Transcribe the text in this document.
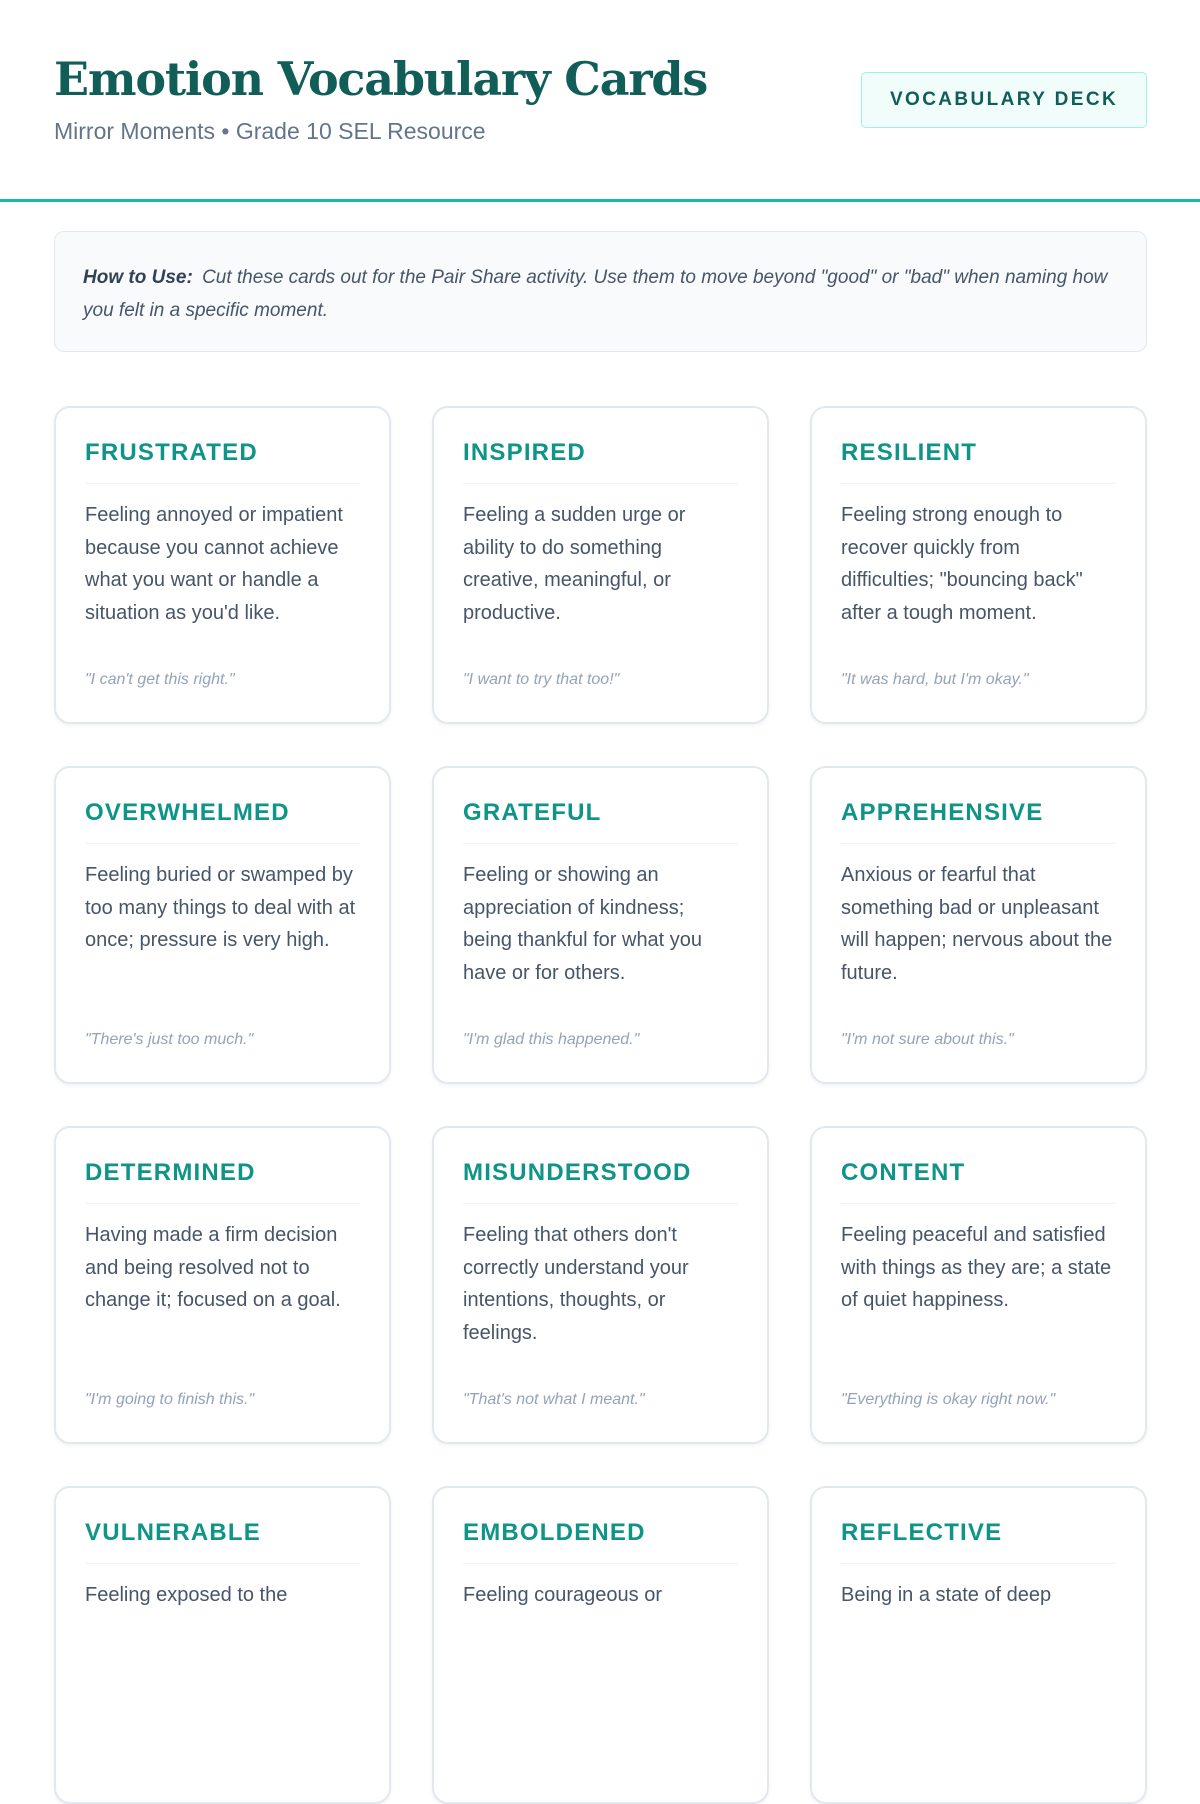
Emotion Vocabulary Cards
Mirror Moments • Grade 10 SEL Resource
VOCABULARY DECK
How to Use: Cut these cards out for the Pair Share activity. Use them to move beyond "good" or "bad" when naming how you felt in a specific moment.
FRUSTRATED
Feeling annoyed or impatient because you cannot achieve what you want or handle a situation as you'd like.
"I can't get this right."
INSPIRED
Feeling a sudden urge or ability to do something creative, meaningful, or productive.
"I want to try that too!"
RESILIENT
Feeling strong enough to recover quickly from difficulties; "bouncing back" after a tough moment.
"It was hard, but I'm okay."
OVERWHELMED
Feeling buried or swamped by too many things to deal with at once; pressure is very high.
"There's just too much."
GRATEFUL
Feeling or showing an appreciation of kindness; being thankful for what you have or for others.
"I'm glad this happened."
APPREHENSIVE
Anxious or fearful that something bad or unpleasant will happen; nervous about the future.
"I'm not sure about this."
DETERMINED
Having made a firm decision and being resolved not to change it; focused on a goal.
"I'm going to finish this."
MISUNDERSTOOD
Feeling that others don't correctly understand your intentions, thoughts, or feelings.
"That's not what I meant."
CONTENT
Feeling peaceful and satisfied with things as they are; a state of quiet happiness.
"Everything is okay right now."
VULNERABLE
Feeling exposed to the
EMBOLDENED
Feeling courageous or
REFLECTIVE
Being in a state of deep
